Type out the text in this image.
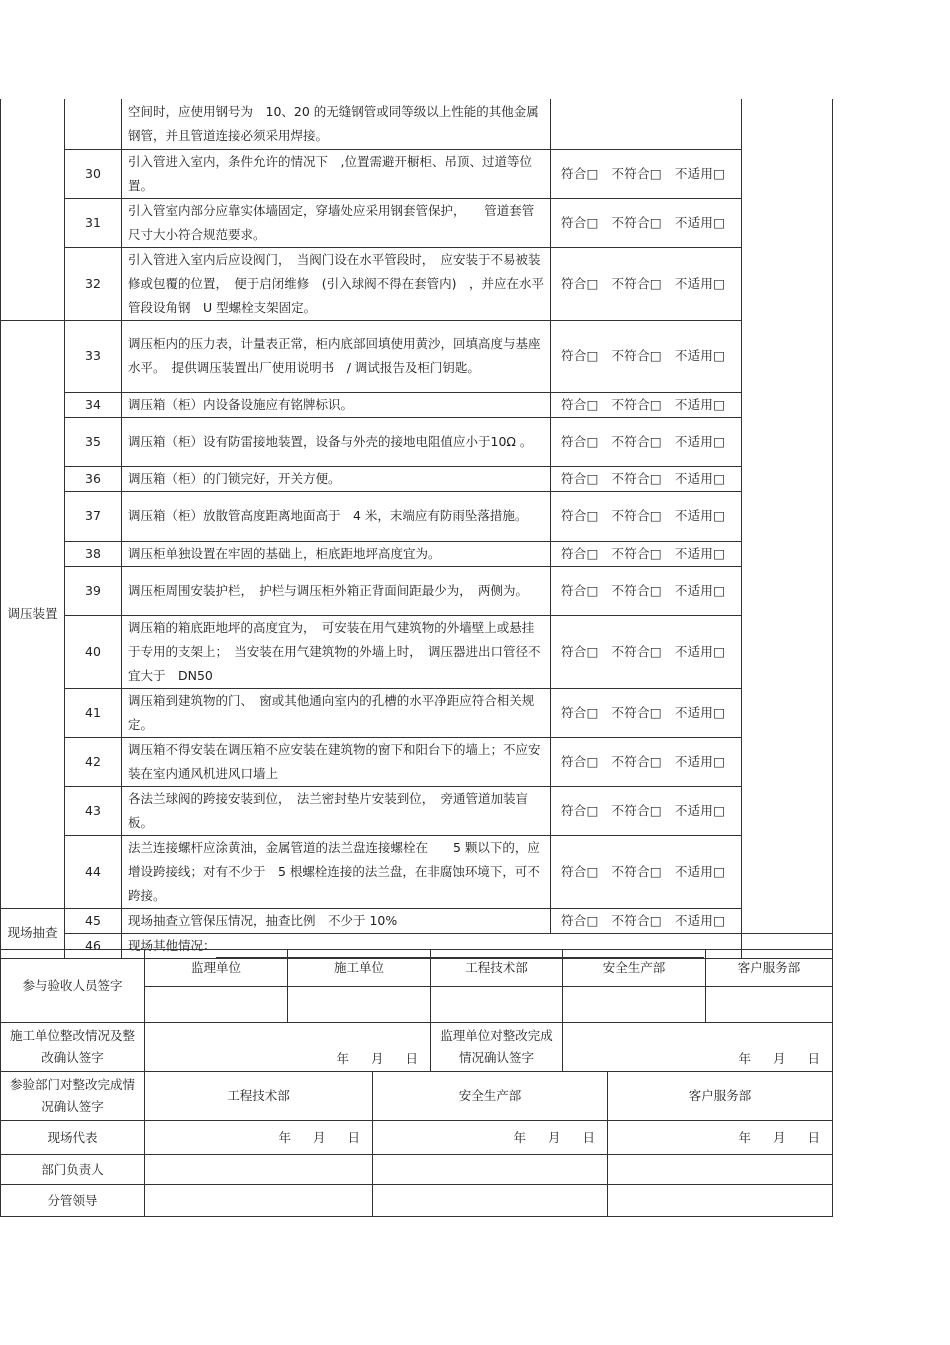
		空间时，应使用钢号为　10、20 的无缝钢管或同等级以上性能的其他金属钢管，并且管道连接必须采用焊接。		
	30	引入管进入室内，条件允许的情况下　,位置需避开橱柜、吊顶、过道等位置。	符合□　不符合□　不适用□	
	31	引入管室内部分应靠实体墙固定，穿墙处应采用钢套管保护，　　管道套管尺寸大小符合规范要求。	符合□　不符合□　不适用□	
	32	引入管进入室内后应设阀门，　当阀门设在水平管段时，　应安装于不易被装修或包覆的位置，　便于启闭维修　(引入球阀不得在套管内)　，并应在水平管段设角钢　U 型螺栓支架固定。	符合□　不符合□　不适用□	
调压装置	33	调压柜内的压力表，计量表正常，柜内底部回填使用黄沙，回填高度与基座水平。　提供调压装置出厂使用说明书　/ 调试报告及柜门钥匙。	符合□　不符合□　不适用□	
	34	调压箱（柜）内设备设施应有铭牌标识。	符合□　不符合□　不适用□	
	35	调压箱（柜）设有防雷接地装置，设备与外壳的接地电阻值应小于10Ω 。	符合□　不符合□　不适用□	
	36	调压箱（柜）的门锁完好，开关方便。	符合□　不符合□　不适用□	
	37	调压箱（柜）放散管高度距离地面高于　4 米，末端应有防雨坠落措施。	符合□　不符合□　不适用□	
	38	调压柜单独设置在牢固的基础上，柜底距地坪高度宜为。	符合□　不符合□　不适用□	
	39	调压柜周围安装护栏，　护栏与调压柜外箱正背面间距最少为，　两侧为。	符合□　不符合□　不适用□	
	40	调压箱的箱底距地坪的高度宜为，　可安装在用气建筑物的外墙壁上或悬挂于专用的支架上；　当安装在用气建筑物的外墙上时，　调压器进出口管径不宜大于　DN50	符合□　不符合□　不适用□	
	41	调压箱到建筑物的门、　窗或其他通向室内的孔槽的水平净距应符合相关规定。	符合□　不符合□　不适用□	
	42	调压箱不得安装在调压箱不应安装在建筑物的窗下和阳台下的墙上；不应安装在室内通风机进风口墙上	符合□　不符合□　不适用□	
	43	各法兰球阀的跨接安装到位，　法兰密封垫片安装到位，　旁通管道加装盲板。	符合□　不符合□　不适用□	
	44	法兰连接螺杆应涂黄油，金属管道的法兰盘连接螺栓在　　5 颗以下的，应增设跨接线；对有不少于　5 根螺栓连接的法兰盘，在非腐蚀环境下，可不跨接。	符合□　不符合□　不适用□	
现场抽查	45	现场抽查立管保压情况，抽查比例　不少于 10%	符合□　不符合□　不适用□	
	46	现场其他情况：		
参与验收人员签字	监理单位	施工单位	工程技术部	安全生产部	客户服务部

施工单位整改情况及整改确认签字	年 月 日	监理单位对整改完成情况确认签字	年 月 日
参验部门对整改完成情况确认签字	工程技术部	安全生产部	客户服务部
现场代表	年 月 日	年 月 日	年 月 日
部门负责人			
分管领导			
